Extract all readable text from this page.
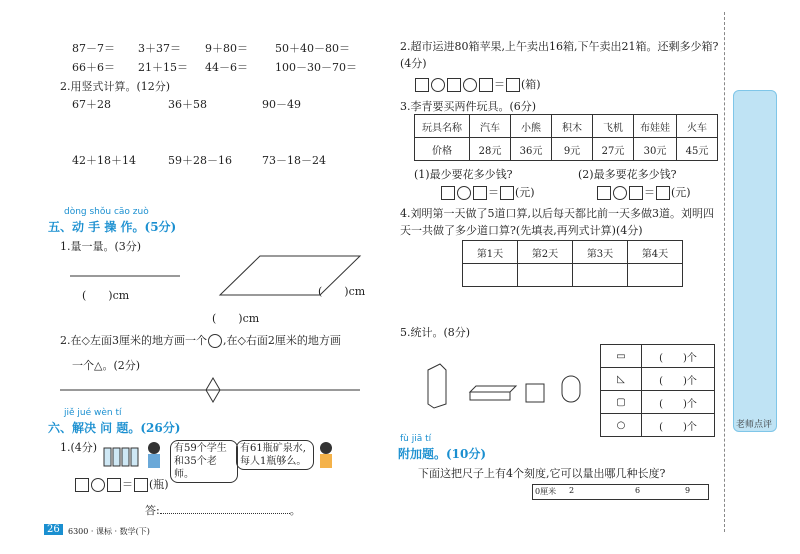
87－7＝ 3＋37＝ 9＋80＝ 50＋40－80＝
66＋6＝ 21＋15＝ 44－6＝ 100－30－70＝
2.用竖式计算。(12分)
67＋28	36＋58	90－49
42＋18＋14	59＋28－16	73－18－24
dòng shǒu cāo zuò
五、动 手 操 作。(5分)
1.量一量。(3分)
(　　)cm	(　　)cm
(　　)cm
2.在◇左面3厘米的地方画一个 ,在◇右面2厘米的地方画
一个△。(2分)
jiě jué wèn tí
六、解决 问 题。(26分)
1.(4分)	有59个学生和35个老师。
有61瓶矿泉水,每人1瓶够么。
＝ (瓶)
答:	。
26	6300 · 课标 · 数学(下)
2.超市运进80箱苹果,上午卖出16箱,下午卖出21箱。还剩多少箱?(4分)
＝ (箱)
3.李青要买两件玩具。(6分)
玩具名称	汽车	小熊	积木	飞机	布娃娃	火车
价格	28元	36元	9元	27元	30元	45元
(1)最少要花多少钱?	(2)最多要花多少钱?
＝ (元)	＝ (元)
4.刘明第一天做了5道口算,以后每天都比前一天多做3道。刘明四天一共做了多少道口算?(先填表,再列式计算)(4分)
第1天	第2天	第3天	第4天

5.统计。(8分)
▭	(　　)个
◺	(　　)个
▢	(　　)个
○	(　　)个
fù jiā tí
附加题。(10分)
下面这把尺子上有4个刻度,它可以量出哪几种长度?
0厘米 2	6	9
老师点评
